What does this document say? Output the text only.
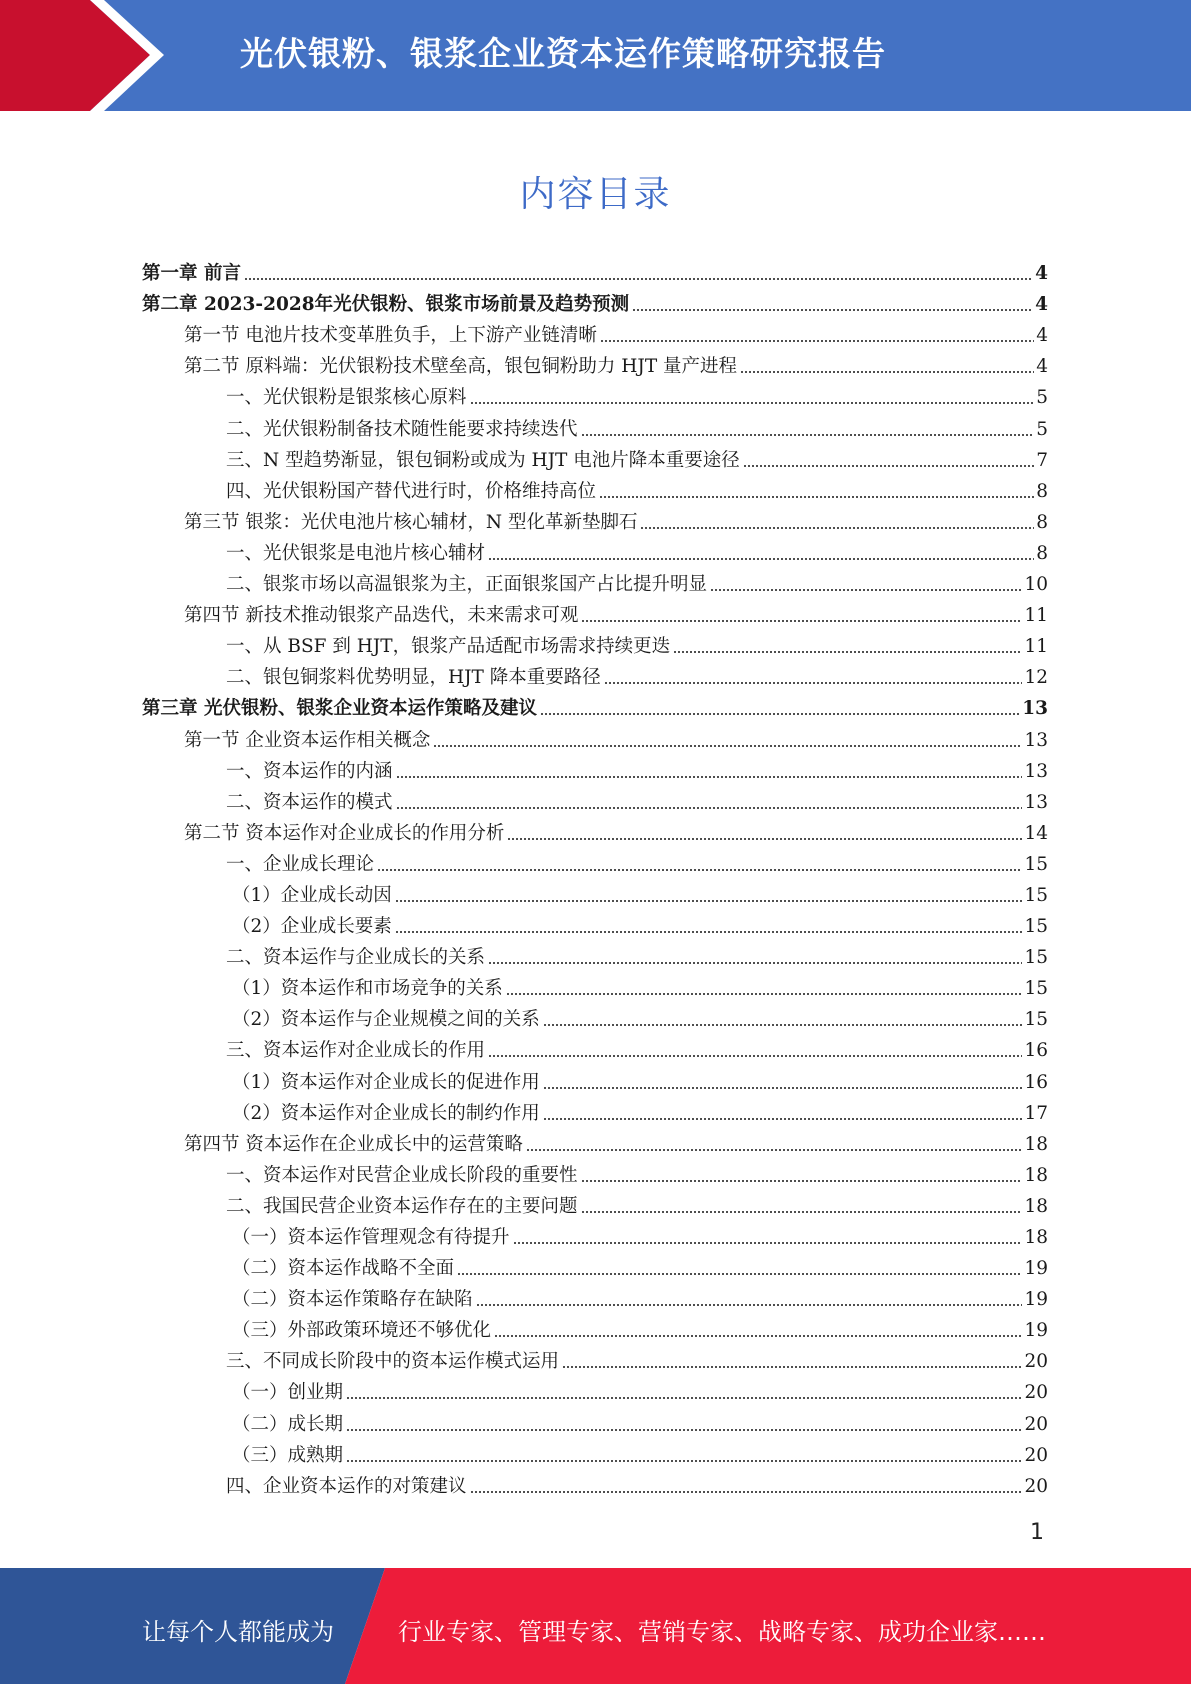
光伏银粉、银浆企业资本运作策略研究报告
内容目录
第一章 前言	4
第二章 2023-2028年光伏银粉、银浆市场前景及趋势预测	4
第一节 电池片技术变革胜负手，上下游产业链清晰	4
第二节 原料端：光伏银粉技术壁垒高，银包铜粉助力 HJT 量产进程	4
一、光伏银粉是银浆核心原料	5
二、光伏银粉制备技术随性能要求持续迭代	5
三、N 型趋势渐显，银包铜粉或成为 HJT 电池片降本重要途径	7
四、光伏银粉国产替代进行时，价格维持高位	8
第三节 银浆：光伏电池片核心辅材，N 型化革新垫脚石	8
一、光伏银浆是电池片核心辅材	8
二、银浆市场以高温银浆为主，正面银浆国产占比提升明显	10
第四节 新技术推动银浆产品迭代，未来需求可观	11
一、从 BSF 到 HJT，银浆产品适配市场需求持续更迭	11
二、银包铜浆料优势明显，HJT 降本重要路径	12
第三章 光伏银粉、银浆企业资本运作策略及建议	13
第一节 企业资本运作相关概念	13
一、资本运作的内涵	13
二、资本运作的模式	13
第二节 资本运作对企业成长的作用分析	14
一、企业成长理论	15
（1）企业成长动因	15
（2）企业成长要素	15
二、资本运作与企业成长的关系	15
（1）资本运作和市场竞争的关系	15
（2）资本运作与企业规模之间的关系	15
三、资本运作对企业成长的作用	16
（1）资本运作对企业成长的促进作用	16
（2）资本运作对企业成长的制约作用	17
第四节 资本运作在企业成长中的运营策略	18
一、资本运作对民营企业成长阶段的重要性	18
二、我国民营企业资本运作存在的主要问题	18
（一）资本运作管理观念有待提升	18
（二）资本运作战略不全面	19
（二）资本运作策略存在缺陷	19
（三）外部政策环境还不够优化	19
三、不同成长阶段中的资本运作模式运用	20
（一）创业期	20
（二）成长期	20
（三）成熟期	20
四、企业资本运作的对策建议	20
1
让每个人都能成为	行业专家、管理专家、营销专家、战略专家、成功企业家……
